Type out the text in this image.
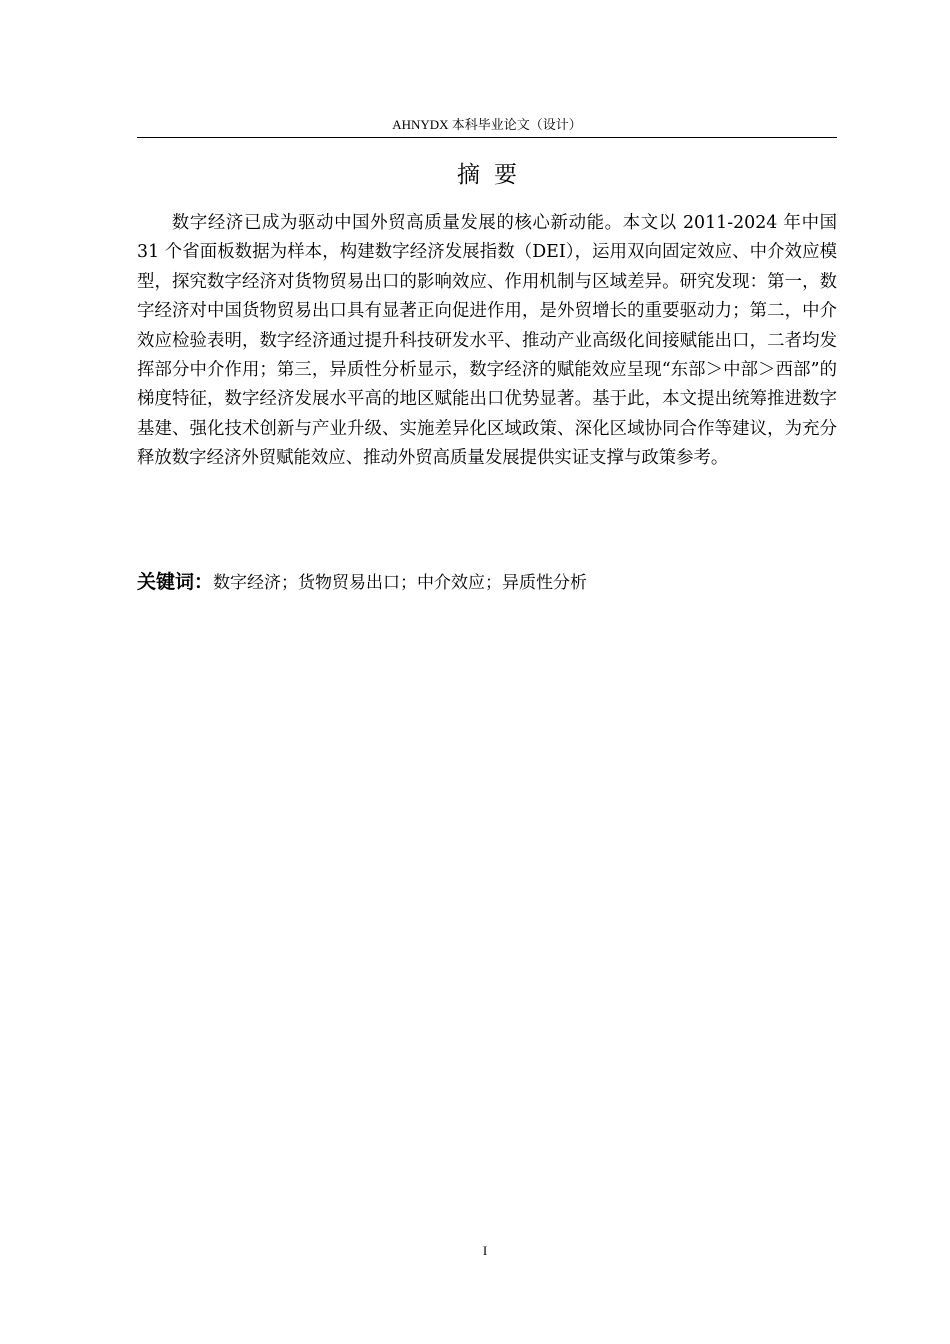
AHNYDX 本科毕业论文（设计）
摘要

数字经济已成为驱动中国外贸高质量发展的核心新动能。本文以 2011-2024 年中国 31 个省面板数据为样本，构建数字经济发展指数（DEI），运用双向固定效应、中介效应模型，探究数字经济对货物贸易出口的影响效应、作用机制与区域差异。研究发现：第一，数字经济对中国货物贸易出口具有显著正向促进作用，是外贸增长的重要驱动力；第二，中介效应检验表明，数字经济通过提升科技研发水平、推动产业高级化间接赋能出口，二者均发挥部分中介作用；第三，异质性分析显示，数字经济的赋能效应呈现“东部＞中部＞西部”的梯度特征，数字经济发展水平高的地区赋能出口优势显著。基于此，本文提出统筹推进数字基建、强化技术创新与产业升级、实施差异化区域政策、深化区域协同合作等建议，为充分释放数字经济外贸赋能效应、推动外贸高质量发展提供实证支撑与政策参考。

关键词：数字经济；货物贸易出口；中介效应；异质性分析
I
